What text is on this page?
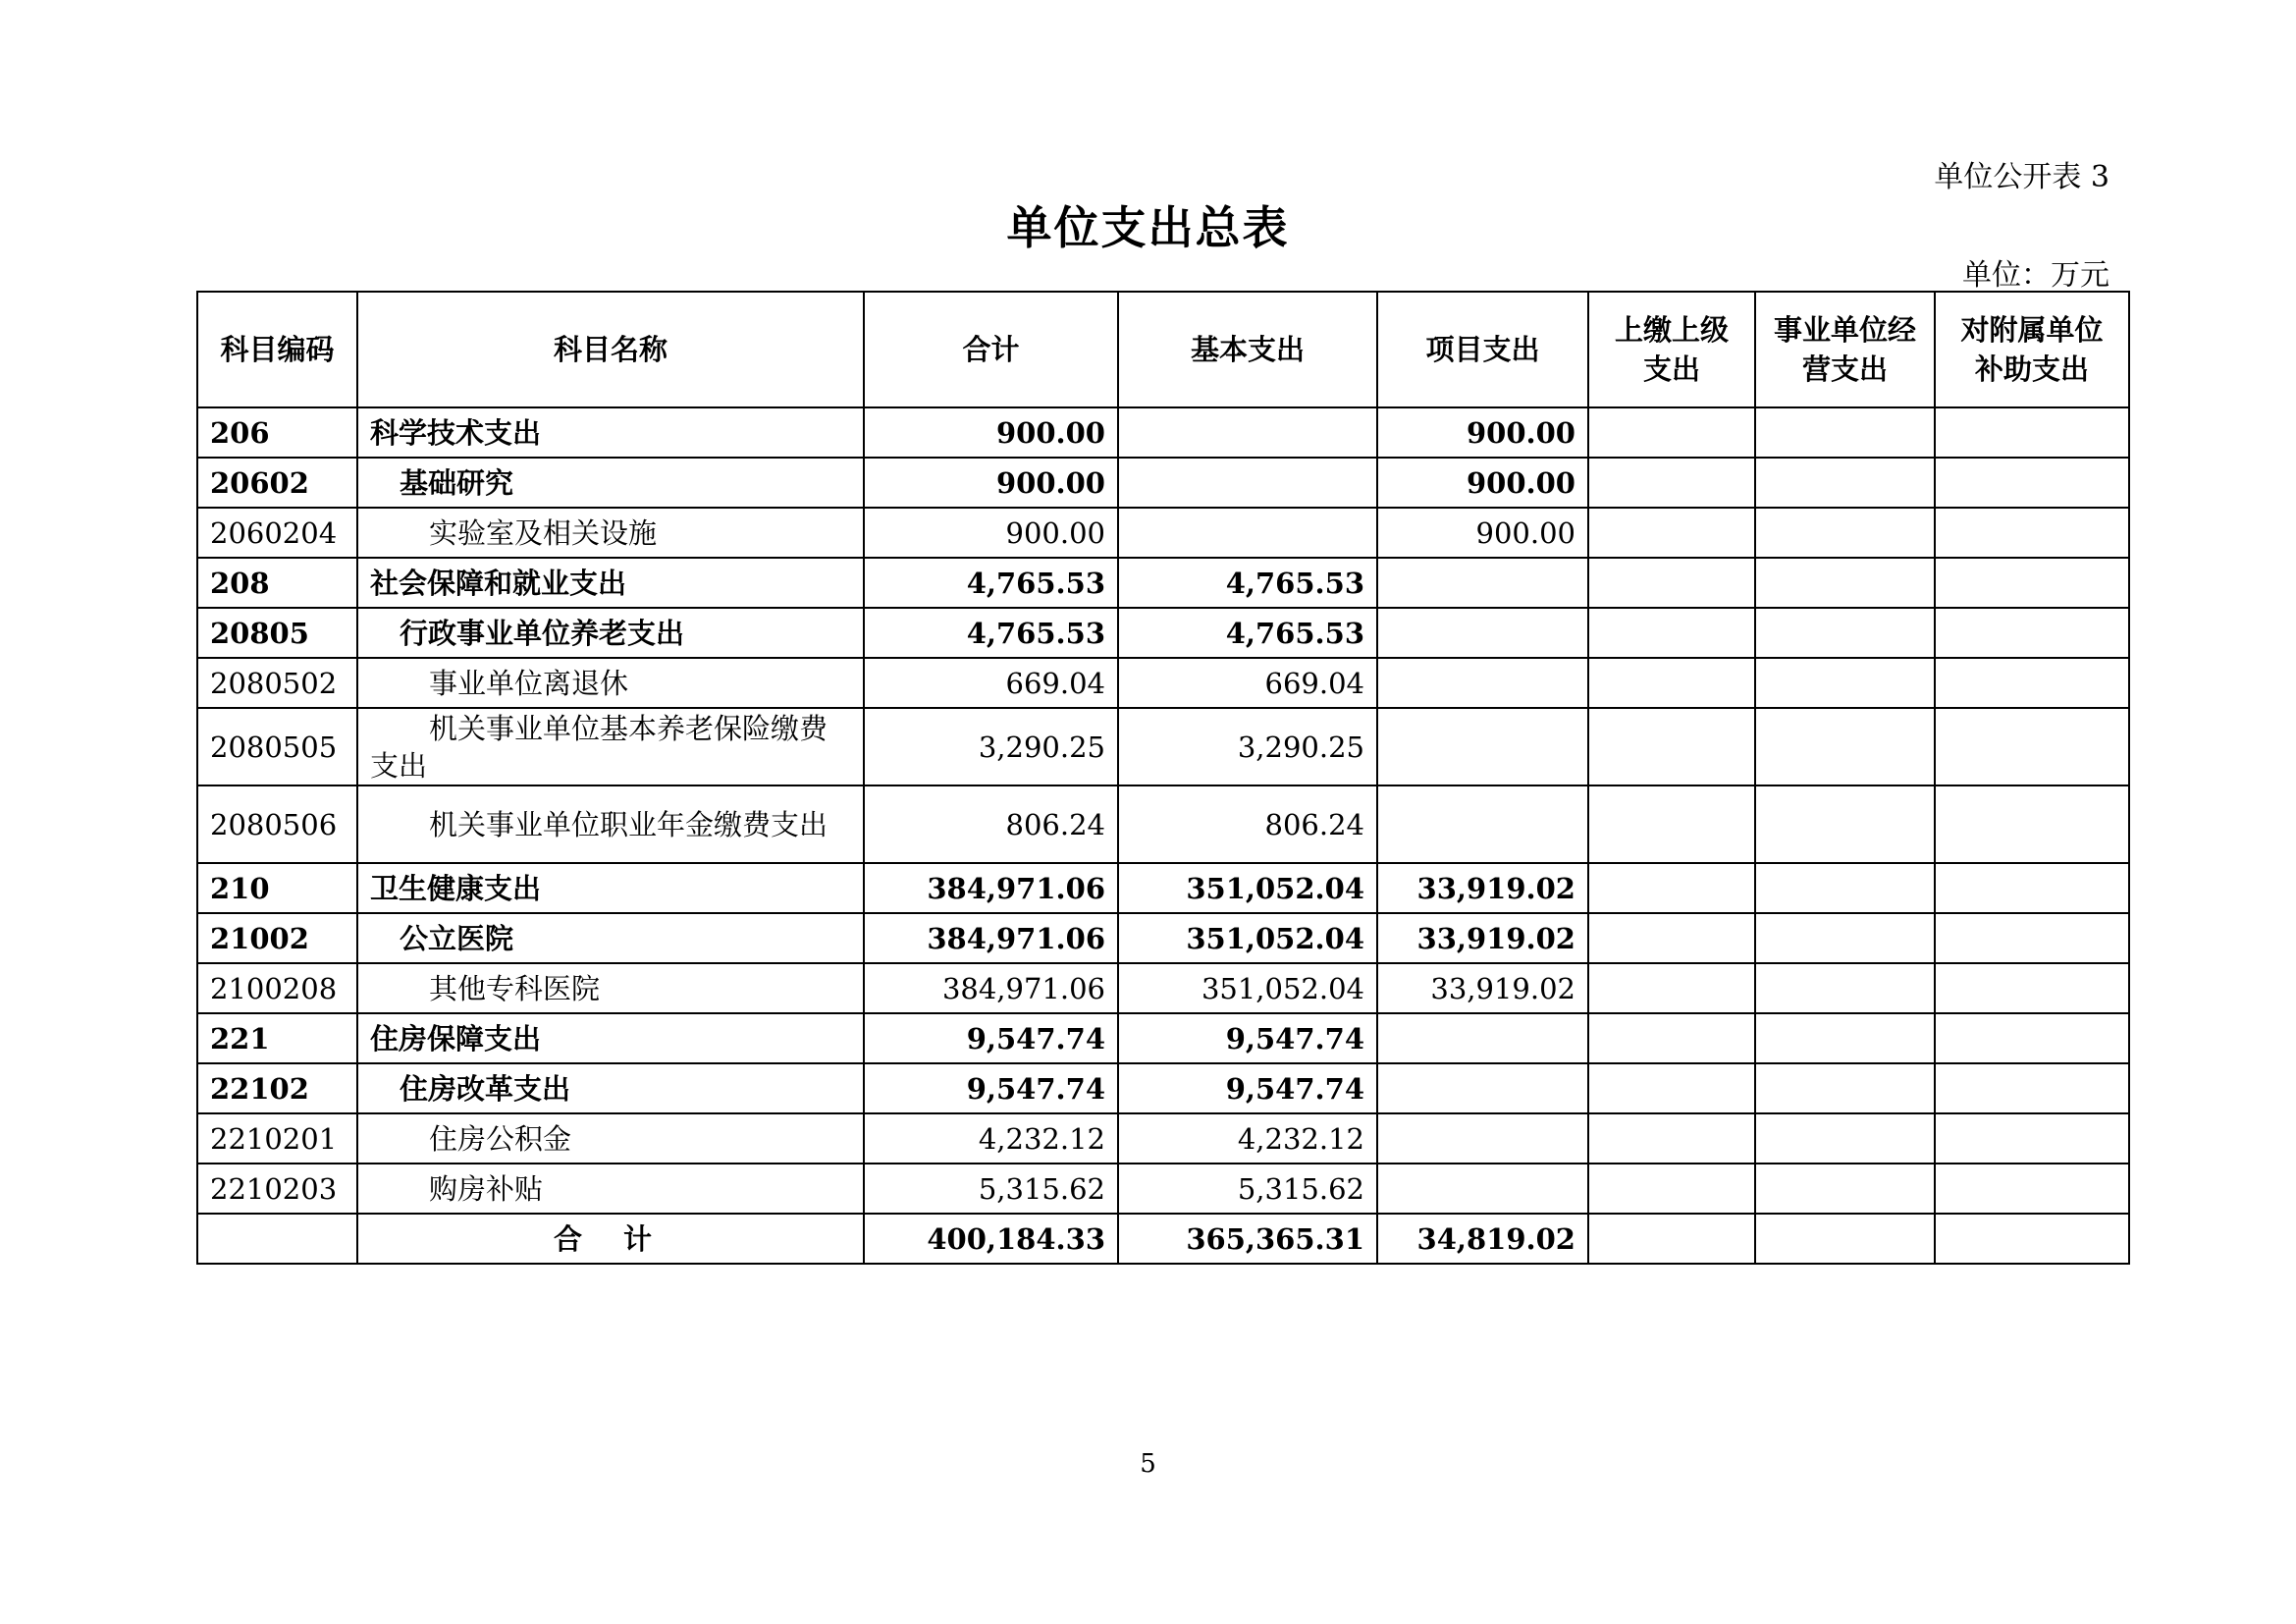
单位公开表 3
单位支出总表
单位：万元
科目编码	科目名称	合计	基本支出	项目支出	上缴上级支出	事业单位经营支出	对附属单位补助支出
206	科学技术支出	900.00		900.00			
20602	基础研究	900.00		900.00			
2060204	实验室及相关设施	900.00		900.00			
208	社会保障和就业支出	4,765.53	4,765.53				
20805	行政事业单位养老支出	4,765.53	4,765.53				
2080502	事业单位离退休	669.04	669.04				
2080505	机关事业单位基本养老保险缴费支出	3,290.25	3,290.25				
2080506	机关事业单位职业年金缴费支出	806.24	806.24				
210	卫生健康支出	384,971.06	351,052.04	33,919.02			
21002	公立医院	384,971.06	351,052.04	33,919.02			
2100208	其他专科医院	384,971.06	351,052.04	33,919.02			
221	住房保障支出	9,547.74	9,547.74				
22102	住房改革支出	9,547.74	9,547.74				
2210201	住房公积金	4,232.12	4,232.12				
2210203	购房补贴	5,315.62	5,315.62				
	合 计	400,184.33	365,365.31	34,819.02			
5
